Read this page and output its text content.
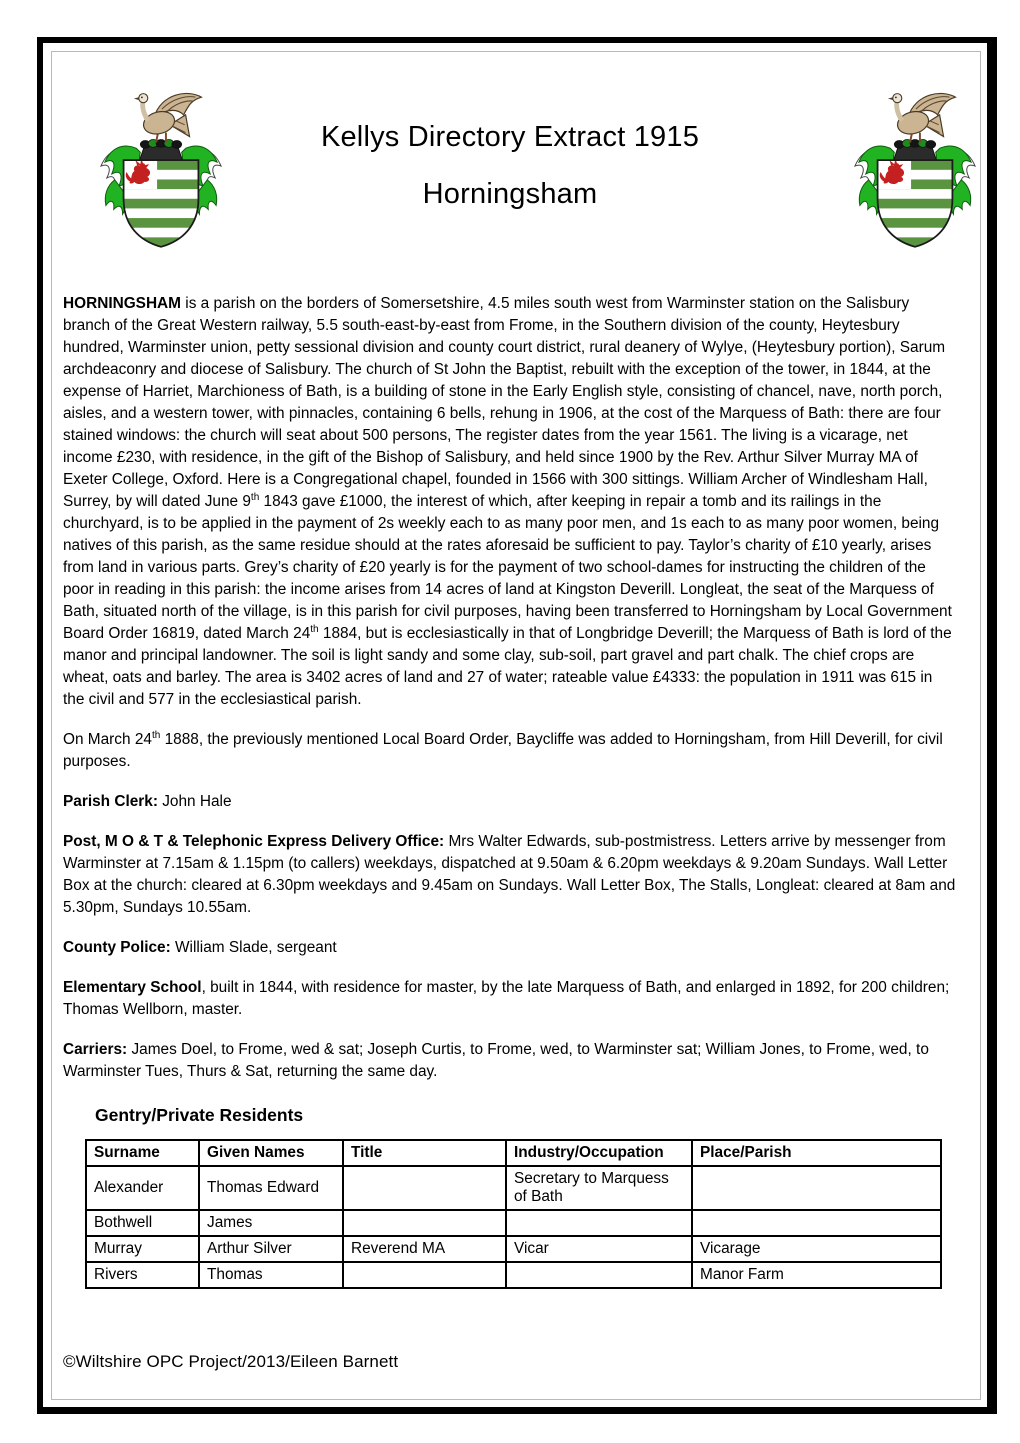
Kellys Directory Extract 1915
Horningsham

HORNINGSHAM is a parish on the borders of Somersetshire, 4.5 miles south west from Warminster station on the Salisbury branch of the Great Western railway, 5.5 south-east-by-east from Frome, in the Southern division of the county, Heytesbury hundred, Warminster union, petty sessional division and county court district, rural deanery of Wylye, (Heytesbury portion), Sarum archdeaconry and diocese of Salisbury. The church of St John the Baptist, rebuilt with the exception of the tower, in 1844, at the expense of Harriet, Marchioness of Bath, is a building of stone in the Early English style, consisting of chancel, nave, north porch, aisles, and a western tower, with pinnacles, containing 6 bells, rehung in 1906, at the cost of the Marquess of Bath: there are four stained windows: the church will seat about 500 persons, The register dates from the year 1561. The living is a vicarage, net income £230, with residence, in the gift of the Bishop of Salisbury, and held since 1900 by the Rev. Arthur Silver Murray MA of Exeter College, Oxford. Here is a Congregational chapel, founded in 1566 with 300 sittings. William Archer of Windlesham Hall, Surrey, by will dated June 9th 1843 gave £1000, the interest of which, after keeping in repair a tomb and its railings in the churchyard, is to be applied in the payment of 2s weekly each to as many poor men, and 1s each to as many poor women, being natives of this parish, as the same residue should at the rates aforesaid be sufficient to pay. Taylor’s charity of £10 yearly, arises from land in various parts. Grey’s charity of £20 yearly is for the payment of two school-dames for instructing the children of the poor in reading in this parish: the income arises from 14 acres of land at Kingston Deverill. Longleat, the seat of the Marquess of Bath, situated north of the village, is in this parish for civil purposes, having been transferred to Horningsham by Local Government Board Order 16819, dated March 24th 1884, but is ecclesiastically in that of Longbridge Deverill; the Marquess of Bath is lord of the manor and principal landowner. The soil is light sandy and some clay, sub-soil, part gravel and part chalk. The chief crops are wheat, oats and barley. The area is 3402 acres of land and 27 of water; rateable value £4333: the population in 1911 was 615 in the civil and 577 in the ecclesiastical parish.

On March 24th 1888, the previously mentioned Local Board Order, Baycliffe was added to Horningsham, from Hill Deverill, for civil purposes.

Parish Clerk: John Hale

Post, M O & T & Telephonic Express Delivery Office: Mrs Walter Edwards, sub-postmistress. Letters arrive by messenger from Warminster at 7.15am & 1.15pm (to callers) weekdays, dispatched at 9.50am & 6.20pm weekdays & 9.20am Sundays. Wall Letter Box at the church: cleared at 6.30pm weekdays and 9.45am on Sundays. Wall Letter Box, The Stalls, Longleat: cleared at 8am and 5.30pm, Sundays 10.55am.

County Police: William Slade, sergeant

Elementary School, built in 1844, with residence for master, by the late Marquess of Bath, and enlarged in 1892, for 200 children; Thomas Wellborn, master.

Carriers: James Doel, to Frome, wed & sat; Joseph Curtis, to Frome, wed, to Warminster sat; William Jones, to Frome, wed, to Warminster Tues, Thurs & Sat, returning the same day.

Gentry/Private Residents
Surname	Given Names	Title	Industry/Occupation	Place/Parish
Alexander	Thomas Edward		Secretary to Marquess of Bath	
Bothwell	James			
Murray	Arthur Silver	Reverend MA	Vicar	Vicarage
Rivers	Thomas			Manor Farm
©Wiltshire OPC Project/2013/Eileen Barnett
